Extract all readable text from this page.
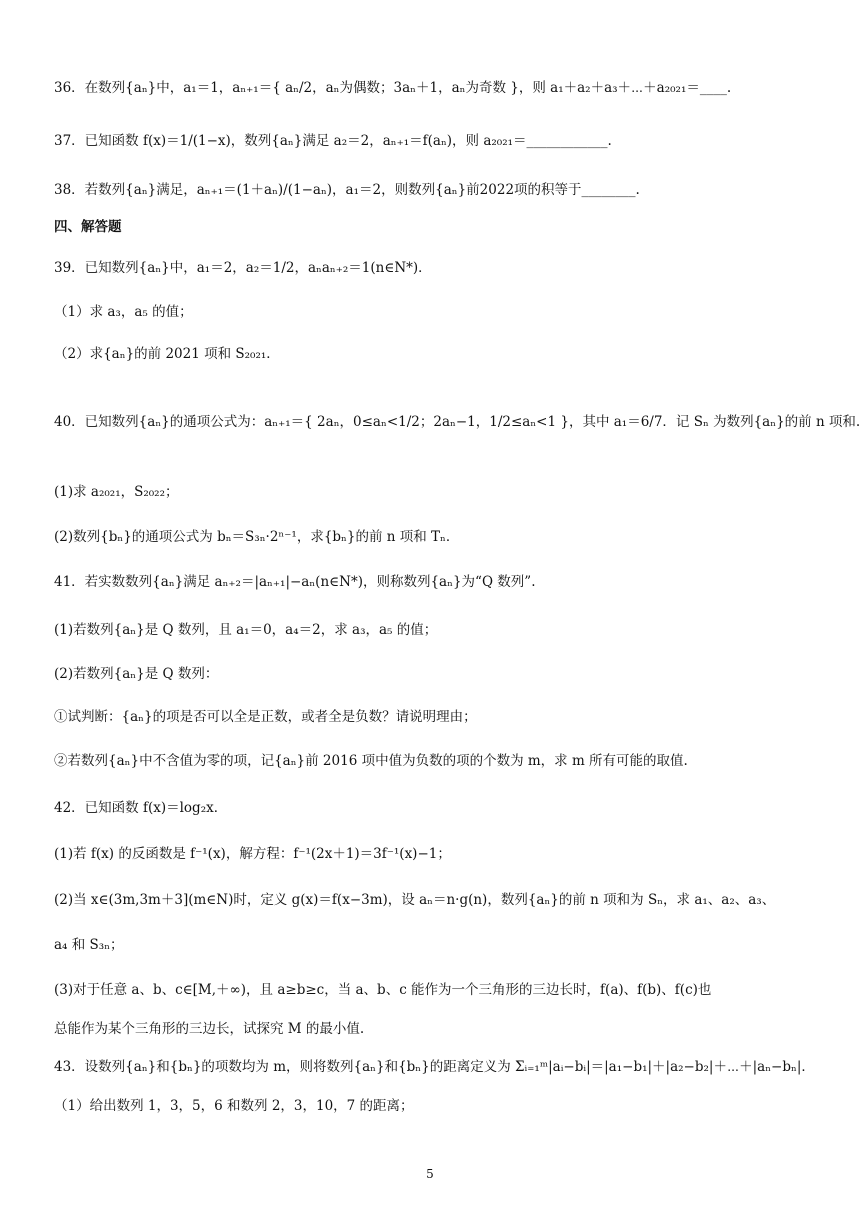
36．在数列{aₙ}中，a₁＝1，aₙ₊₁＝{ aₙ/2，aₙ为偶数；3aₙ＋1，aₙ为奇数 }，则 a₁＋a₂＋a₃＋⋯＋a₂₀₂₁＝____.
37．已知函数 f(x)＝1/(1−x)，数列{aₙ}满足 a₂＝2，aₙ₊₁＝f(aₙ)，则 a₂₀₂₁＝____________.
38．若数列{aₙ}满足，aₙ₊₁＝(1＋aₙ)/(1−aₙ)，a₁＝2，则数列{aₙ}前2022项的积等于________.
四、解答题
39．已知数列{aₙ}中，a₁＝2，a₂＝1/2，aₙaₙ₊₂＝1(n∈N*)．
（1）求 a₃，a₅ 的值；
（2）求{aₙ}的前 2021 项和 S₂₀₂₁．
40．已知数列{aₙ}的通项公式为：aₙ₊₁＝{ 2aₙ，0≤aₙ<1/2；2aₙ−1，1/2≤aₙ<1 }，其中 a₁＝6/7．记 Sₙ 为数列{aₙ}的前 n 项和.
(1)求 a₂₀₂₁，S₂₀₂₂；
(2)数列{bₙ}的通项公式为 bₙ＝S₃ₙ·2ⁿ⁻¹，求{bₙ}的前 n 项和 Tₙ．
41．若实数数列{aₙ}满足 aₙ₊₂＝|aₙ₊₁|−aₙ(n∈N*)，则称数列{aₙ}为“Q 数列”.
(1)若数列{aₙ}是 Q 数列，且 a₁＝0，a₄＝2，求 a₃，a₅ 的值；
(2)若数列{aₙ}是 Q 数列：
①试判断：{aₙ}的项是否可以全是正数，或者全是负数？请说明理由；
②若数列{aₙ}中不含值为零的项，记{aₙ}前 2016 项中值为负数的项的个数为 m，求 m 所有可能的取值.
42．已知函数 f(x)＝log₂x．
(1)若 f(x) 的反函数是 f⁻¹(x)，解方程：f⁻¹(2x＋1)＝3f⁻¹(x)−1；
(2)当 x∈(3m,3m＋3](m∈N)时，定义 g(x)＝f(x−3m)，设 aₙ＝n·g(n)，数列{aₙ}的前 n 项和为 Sₙ，求 a₁、a₂、a₃、
a₄ 和 S₃ₙ；
(3)对于任意 a、b、c∈[M,＋∞)，且 a≥b≥c，当 a、b、c 能作为一个三角形的三边长时，f(a)、f(b)、f(c)也
总能作为某个三角形的三边长，试探究 M 的最小值.
43．设数列{aₙ}和{bₙ}的项数均为 m，则将数列{aₙ}和{bₙ}的距离定义为 Σᵢ₌₁ᵐ|aᵢ−bᵢ|＝|a₁−b₁|＋|a₂−b₂|＋⋯＋|aₙ−bₙ|．
（1）给出数列 1，3，5，6 和数列 2，3，10，7 的距离；
5
